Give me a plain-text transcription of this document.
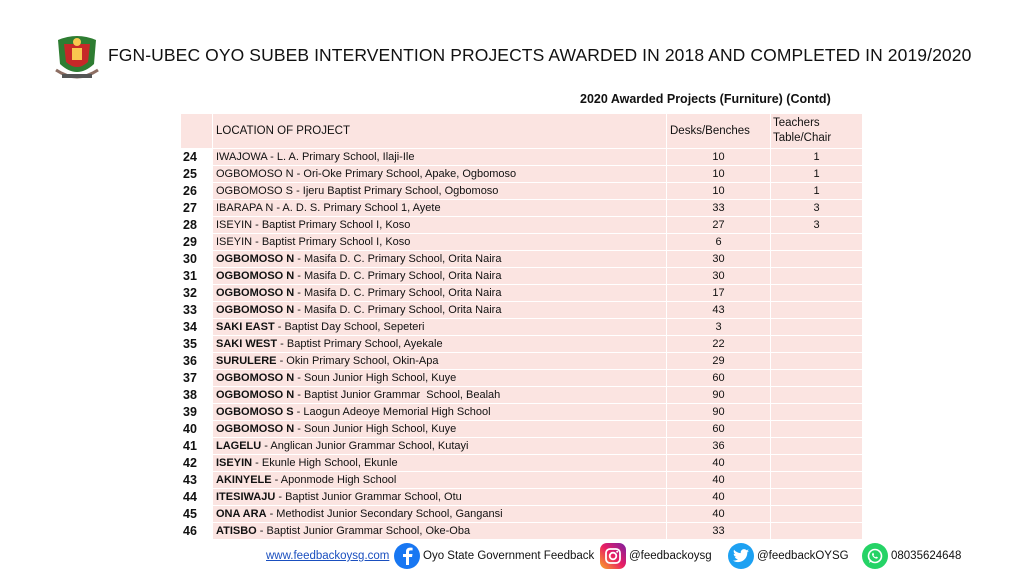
FGN-UBEC OYO SUBEB INTERVENTION PROJECTS AWARDED IN 2018 AND COMPLETED IN 2019/2020
2020 Awarded Projects (Furniture) (Contd)
	LOCATION OF PROJECT	Desks/Benches	Teachers Table/Chair
24	IWAJOWA - L. A. Primary School, Ilaji-Ile	10	1
25	OGBOMOSO N - Ori-Oke Primary School, Apake, Ogbomoso	10	1
26	OGBOMOSO S - Ijeru Baptist Primary School, Ogbomoso	10	1
27	IBARAPA N - A. D. S. Primary School 1, Ayete	33	3
28	ISEYIN - Baptist Primary School I, Koso	27	3
29	ISEYIN - Baptist Primary School I, Koso	6	
30	OGBOMOSO N - Masifa D. C. Primary School, Orita Naira	30	
31	OGBOMOSO N - Masifa D. C. Primary School, Orita Naira	30	
32	OGBOMOSO N - Masifa D. C. Primary School, Orita Naira	17	
33	OGBOMOSO N - Masifa D. C. Primary School, Orita Naira	43	
34	SAKI EAST - Baptist Day School, Sepeteri	3	
35	SAKI WEST - Baptist Primary School, Ayekale	22	
36	SURULERE - Okin Primary School, Okin-Apa	29	
37	OGBOMOSO N - Soun Junior High School, Kuye	60	
38	OGBOMOSO N - Baptist Junior Grammar  School, Bealah	90	
39	OGBOMOSO S - Laogun Adeoye Memorial High School	90	
40	OGBOMOSO N - Soun Junior High School, Kuye	60	
41	LAGELU - Anglican Junior Grammar School, Kutayi	36	
42	ISEYIN - Ekunle High School, Ekunle	40	
43	AKINYELE - Aponmode High School	40	
44	ITESIWAJU - Baptist Junior Grammar School, Otu	40	
45	ONA ARA - Methodist Junior Secondary School, Gangansi	40	
46	ATISBO - Baptist Junior Grammar School, Oke-Oba	33	
www.feedbackoysg.com	Oyo State Government Feedback	@feedbackoysg	@feedbackOYSG	08035624648
